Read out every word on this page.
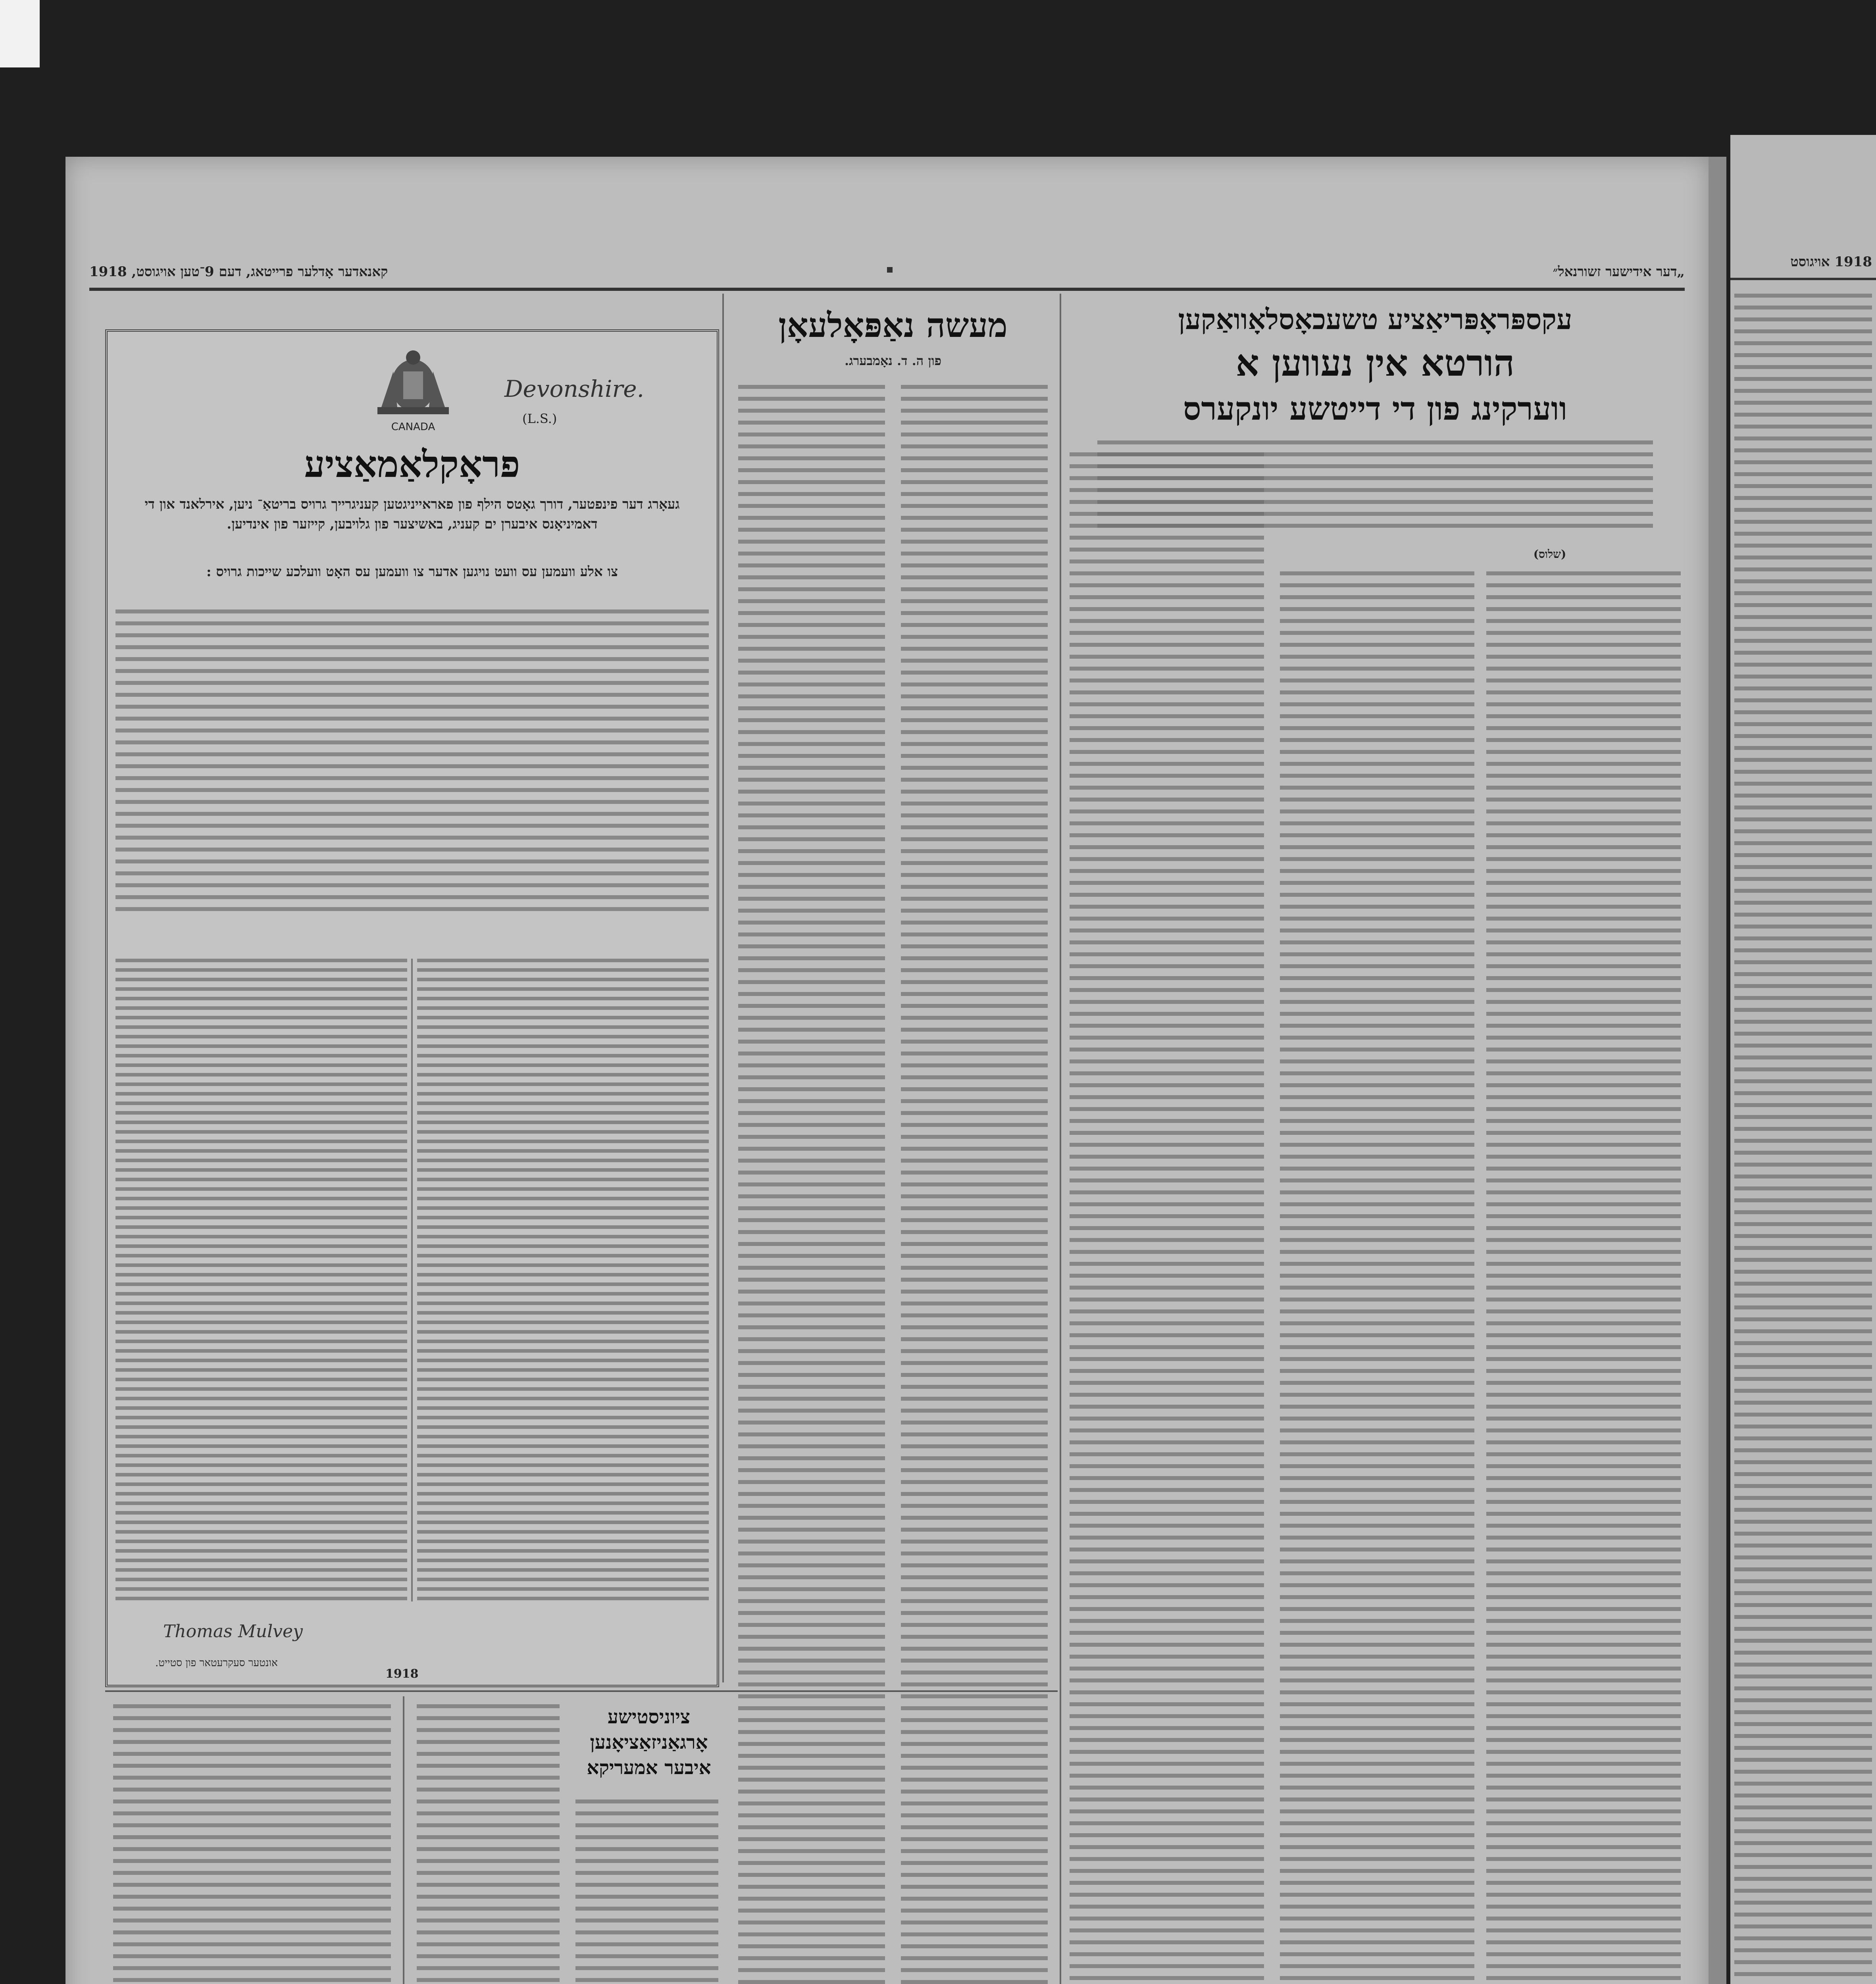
קאנאדער אָדלער פרייטאג, דעם 9־טען אויגוסט, 1918	„דער אידישער זשורנאל״
CANADA
Devonshire.
(L.S.)
פראָקלאַמאַציע
געאָרג דער פינפטער, דורך גאָטס הילף פון פאראייניגטען קעניגרייך גרויס בריטאַ־ ניען, אירלאנד און די דאמיניאָנס איבערן ים קעניג, באשיצער פון גלויבען, קייזער פון אינדיען.
צו אלע וועמען עס וועט נויגען אדער צו וועמען עס האָט וועלכע שייכות גרויס :
Thomas Mulvey
אונטער סעקרעטאר פון סטייט.
1918
מעשה נאַפּאָלעאָן
פון ה. ד. נאָמבערג.
עקספּראָפּריאַציע טשעכאָסלאָוואַקען
הורטא אין נעווען א
ווערקינג פון די דייטשע יונקערס
(שלוס)
ציוניסטישע אָרגאַניזאַציאָנען איבער אמעריקא
1918 אויגוסט
